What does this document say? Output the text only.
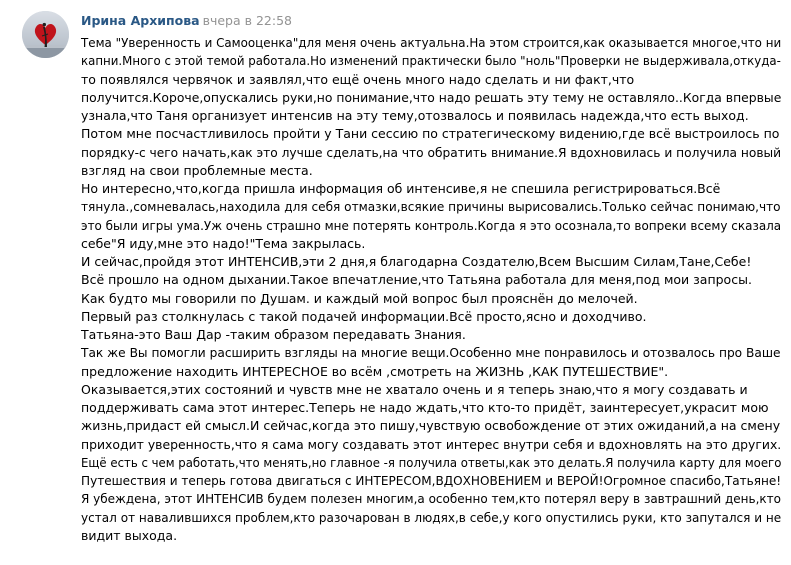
Ирина Архипова вчера в 22:58
Тема "Уверенность и Самооценка"для меня очень актуальна.На этом строится,как оказывается многое,что ни
капни.Много с этой темой работала.Но изменений практически было "ноль"Проверки не выдерживала,откуда-
то появлялся червячок и заявлял,что ещё очень много надо сделать и ни факт,что
получится.Короче,опускались руки,но понимание,что надо решать эту тему не оставляло..Когда впервые
узнала,что Таня организует интенсив на эту тему,отозвалось и появилась надежда,что есть выход.
Потом мне посчастливилось пройти у Тани сессию по стратегическому видению,где всё выстроилось по
порядку-с чего начать,как это лучше сделать,на что обратить внимание.Я вдохновилась и получила новый
взгляд на свои проблемные места.
Но интересно,что,когда пришла информация об интенсиве,я не спешила регистрироваться.Всё
тянула.,сомневалась,находила для себя отмазки,всякие причины вырисовались.Только сейчас понимаю,что
это были игры ума.Уж очень страшно мне потерять контроль.Когда я это осознала,то вопреки всему сказала
себе"Я иду,мне это надо!"Тема закрылась.
И сейчас,пройдя этот ИНТЕНСИВ,эти 2 дня,я благодарна Создателю,Всем Высшим Силам,Тане,Себе!
Всё прошло на одном дыхании.Такое впечатление,что Татьяна работала для меня,под мои запросы.
Как будто мы говорили по Душам. и каждый мой вопрос был прояснён до мелочей.
Первый раз столкнулась с такой подачей информации.Всё просто,ясно и доходчиво.
Татьяна-это Ваш Дар -таким образом передавать Знания.
Так же Вы помогли расширить взгляды на многие вещи.Особенно мне понравилось и отозвалось про Ваше
предложение находить ИНТЕРЕСНОЕ во всём ,смотреть на ЖИЗНЬ ,КАК ПУТЕШЕСТВИЕ".
Оказывается,этих состояний и чувств мне не хватало очень и я теперь знаю,что я могу создавать и
поддерживать сама этот интерес.Теперь не надо ждать,что кто-то придёт, заинтересует,украсит мою
жизнь,придаст ей смысл.И сейчас,когда это пишу,чувствую освобождение от этих ожиданий,а на смену
приходит уверенность,что я сама могу создавать этот интерес внутри себя и вдохновлять на это других.
Ещё есть с чем работать,что менять,но главное -я получила ответы,как это делать.Я получила карту для моего
Путешествия и теперь готова двигаться с ИНТЕРЕСОМ,ВДОХНОВЕНИЕМ и ВЕРОЙ!Огромное спасибо,Татьяне!
Я убеждена, этот ИНТЕНСИВ будем полезен многим,а особенно тем,кто потерял веру в завтрашний день,кто
устал от навалившихся проблем,кто разочарован в людях,в себе,у кого опустились руки, кто запутался и не
видит выхода.
